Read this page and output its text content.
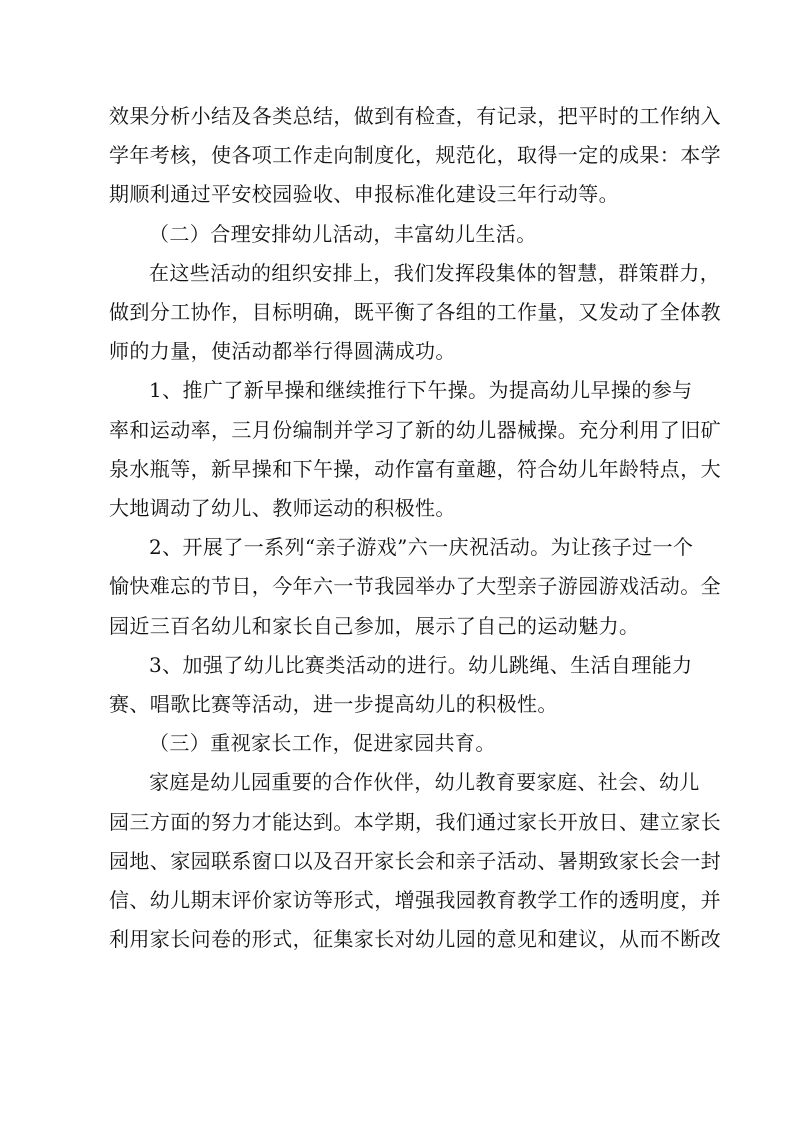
效果分析小结及各类总结，做到有检查，有记录，把平时的工作纳入
学年考核，使各项工作走向制度化，规范化，取得一定的成果：本学
期顺利通过平安校园验收、申报标准化建设三年行动等。

（二）合理安排幼儿活动，丰富幼儿生活。

在这些活动的组织安排上，我们发挥段集体的智慧，群策群力，
做到分工协作，目标明确，既平衡了各组的工作量，又发动了全体教
师的力量，使活动都举行得圆满成功。

1、推广了新早操和继续推行下午操。为提高幼儿早操的参与
率和运动率，三月份编制并学习了新的幼儿器械操。充分利用了旧矿
泉水瓶等，新早操和下午操，动作富有童趣，符合幼儿年龄特点，大
大地调动了幼儿、教师运动的积极性。

2、开展了一系列“亲子游戏”六一庆祝活动。为让孩子过一个
愉快难忘的节日，今年六一节我园举办了大型亲子游园游戏活动。全
园近三百名幼儿和家长自己参加，展示了自己的运动魅力。

3、加强了幼儿比赛类活动的进行。幼儿跳绳、生活自理能力
赛、唱歌比赛等活动，进一步提高幼儿的积极性。

（三）重视家长工作，促进家园共育。

家庭是幼儿园重要的合作伙伴，幼儿教育要家庭、社会、幼儿
园三方面的努力才能达到。本学期，我们通过家长开放日、建立家长
园地、家园联系窗口以及召开家长会和亲子活动、暑期致家长会一封
信、幼儿期末评价家访等形式，增强我园教育教学工作的透明度，并
利用家长问卷的形式，征集家长对幼儿园的意见和建议，从而不断改
